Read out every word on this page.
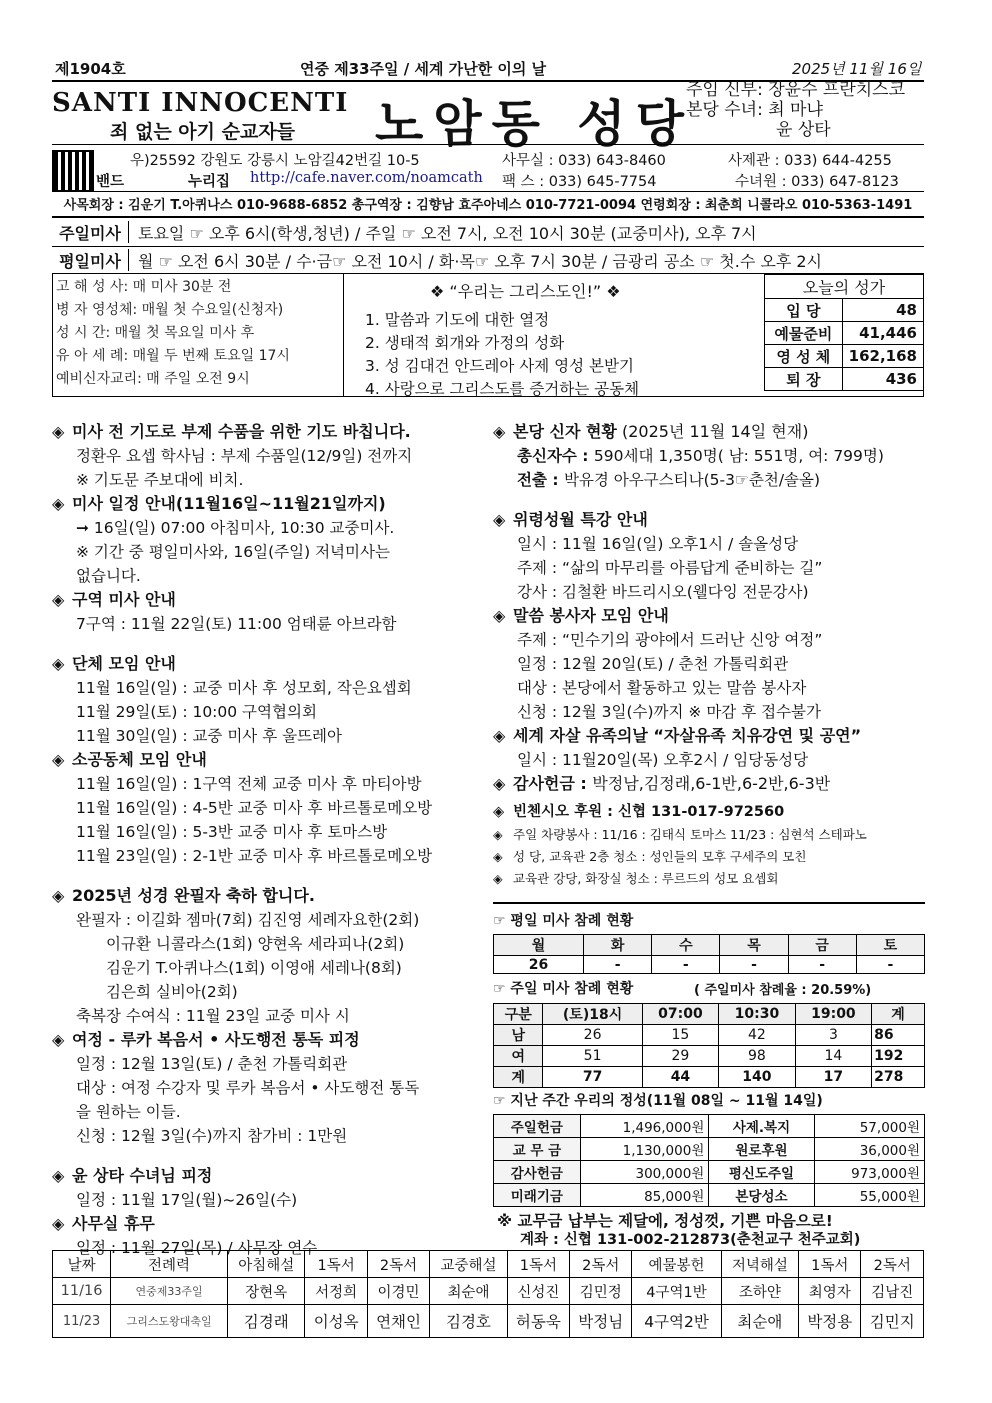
제1904호	연중 제33주일 / 세계 가난한 이의 날	2025년 11월 16일
SANTI INNOCENTI
죄 없는 아기 순교자들 노암동 성당
주임 신부: 장윤수 프란치스코
본당 수녀: 최 마냐
윤 상타
우)25592 강원도 강릉시 노암길42번길 10-5	사무실 : 033) 643-8460	사제관 : 033) 644-4255
밴드	누리집 http://cafe.naver.com/noamcath 팩 스 : 033) 645-7754	수녀원 : 033) 647-8123
사목회장 : 김운기 T.아퀴나스 010-9688-6852 총구역장 : 김향남 효주아네스 010-7721-0094 연령회장 : 최춘희 니콜라오 010-5363-1491
주일미사	토요일 ☞ 오후 6시(학생,청년) / 주일 ☞ 오전 7시, 오전 10시 30분 (교중미사), 오후 7시
평일미사	월 ☞ 오전 6시 30분 / 수·금☞ 오전 10시 / 화·목☞ 오후 7시 30분 / 금광리 공소 ☞ 첫.수 오후 2시
고 해 성 사: 매 미사 30분 전
병 자 영성체: 매월 첫 수요일(신청자)
성 시 간: 매월 첫 목요일 미사 후
유 아 세 례: 매월 두 번째 토요일 17시
예비신자교리: 매 주일 오전 9시
❖ “우리는 그리스도인!” ❖
1. 말씀과 기도에 대한 열정
2. 생태적 회개와 가정의 성화
3. 성 김대건 안드레아 사제 영성 본받기
4. 사랑으로 그리스도를 증거하는 공동체
오늘의 성가	
입 당	48
예물준비	41,446
영 성 체	162,168
퇴 장	436

◈ 미사 전 기도로 부제 수품을 위한 기도 바칩니다.

정환우 요셉 학사님 : 부제 수품일(12/9일) 전까지

※ 기도문 주보대에 비치.

◈ 미사 일정 안내(11월16일~11월21일까지)

➞ 16일(일) 07:00 아침미사, 10:30 교중미사.

※ 기간 중 평일미사와, 16일(주일) 저녁미사는

없습니다.

◈ 구역 미사 안내

7구역 : 11월 22일(토) 11:00 엄태륜 아브라함

◈ 단체 모임 안내

11월 16일(일) : 교중 미사 후 성모회, 작은요셉회

11월 29일(토) : 10:00 구역협의회

11월 30일(일) : 교중 미사 후 울뜨레아

◈ 소공동체 모임 안내

11월 16일(일) : 1구역 전체 교중 미사 후 마티아방

11월 16일(일) : 4-5반 교중 미사 후 바르톨로메오방

11월 16일(일) : 5-3반 교중 미사 후 토마스방

11월 23일(일) : 2-1반 교중 미사 후 바르톨로메오방

◈ 2025년 성경 완필자 축하 합니다.

완필자 : 이길화 젬마(7회) 김진영 세례자요한(2회)

이규환 니콜라스(1회) 양현옥 세라피나(2회)

김운기 T.아퀴나스(1회) 이영애 세레나(8회)

김은희 실비아(2회)

축복장 수여식 : 11월 23일 교중 미사 시

◈ 여정 - 루카 복음서 • 사도행전 통독 피정

일정 : 12월 13일(토) / 춘천 가톨릭회관

대상 : 여정 수강자 및 루카 복음서 • 사도행전 통독

을 원하는 이들.

신청 : 12월 3일(수)까지 참가비 : 1만원

◈ 윤 상타 수녀님 피정

일정 : 11월 17일(월)~26일(수)

◈ 사무실 휴무

일정 : 11월 27일(목) / 사무장 연수

◈ 본당 신자 현황 (2025년 11월 14일 현재)

총신자수 : 590세대 1,350명( 남: 551명, 여: 799명)

전출 : 박유경 아우구스티나(5-3☞춘천/솔올)

◈ 위령성월 특강 안내

일시 : 11월 16일(일) 오후1시 / 솔올성당

주제 : “삶의 마무리를 아름답게 준비하는 길”

강사 : 김철환 바드리시오(웰다잉 전문강사)

◈ 말씀 봉사자 모임 안내

주제 : “민수기의 광야에서 드러난 신앙 여정”

일정 : 12월 20일(토) / 춘천 가톨릭회관

대상 : 본당에서 활동하고 있는 말씀 봉사자

신청 : 12월 3일(수)까지 ※ 마감 후 접수불가

◈ 세계 자살 유족의날 “자살유족 치유강연 및 공연”

일시 : 11월20일(목) 오후2시 / 임당동성당

◈ 감사헌금 : 박정남,김정래,6-1반,6-2반,6-3반

◈ 빈첸시오 후원 : 신협 131-017-972560

◈ 주일 차량봉사 : 11/16 : 김태식 토마스 11/23 : 심현석 스테파노

◈ 성 당, 교육관 2층 청소 : 성인들의 모후 구세주의 모친

◈ 교육관 강당, 화장실 청소 : 루르드의 성모 요셉회

☞ 평일 미사 참례 현황
월	화	수	목	금	토
26	-	-	-	-	-
☞ 주일 미사 참례 현황	( 주일미사 참례율 : 20.59%)
구분	(토)18시	07:00	10:30	19:00	계
남	26	15	42	3	86
여	51	29	98	14	192
계	77	44	140	17	278
☞ 지난 주간 우리의 정성(11월 08일 ~ 11월 14일)
주일헌금	1,496,000원	사제.복지	57,000원
교 무 금	1,130,000원	원로후원	36,000원
감사헌금	300,000원	평신도주일	973,000원
미래기금	85,000원	본당성소	55,000원
※ 교무금 납부는 제달에, 정성껏, 기쁜 마음으로!
계좌 : 신협 131-002-212873(춘천교구 천주교회)
날짜	전례력	아침해설	1독서	2독서	교중해설	1독서	2독서	예물봉헌	저녁해설	1독서	2독서
11/16	연중제33주일	장현옥	서정희	이경민	최순애	신성진	김민정	4구역1반	조하얀	최영자	김남진
11/23	그리스도왕대축일	김경래	이성옥	연채인	김경호	허동욱	박정님	4구역2반	최순애	박정용	김민지
